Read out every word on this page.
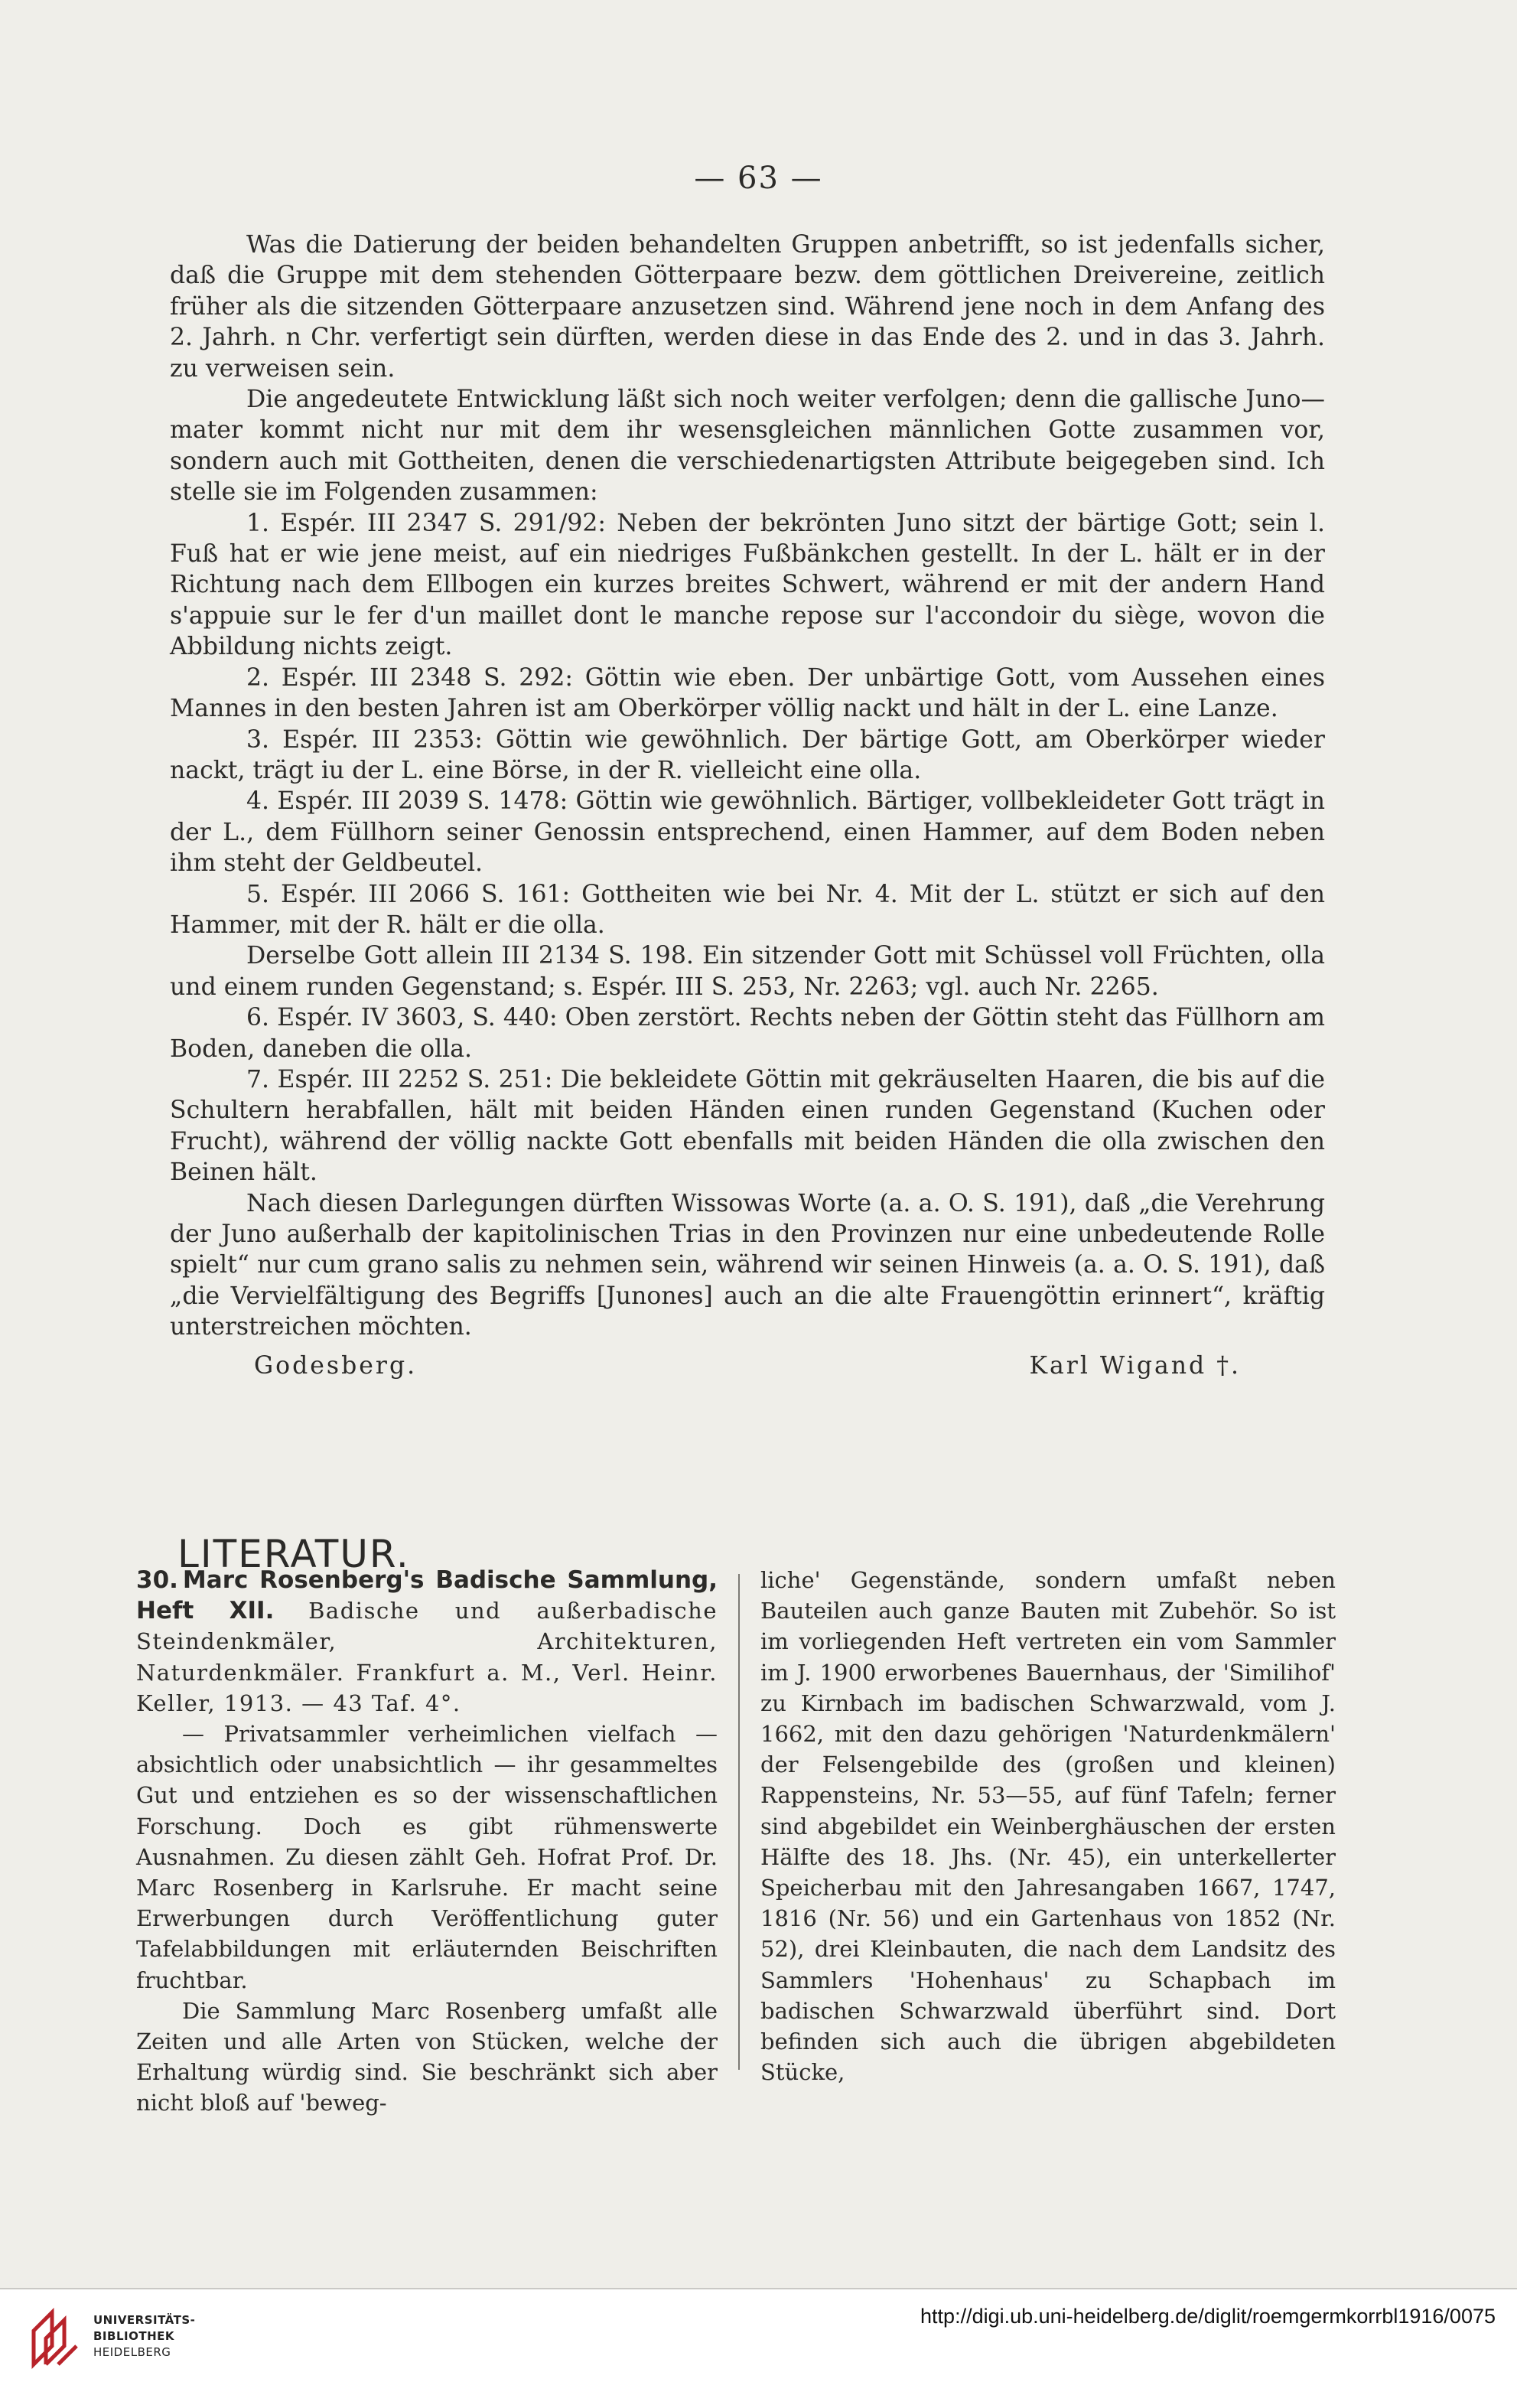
— 63 —

Was die Datierung der beiden behandelten Gruppen anbetrifft, so ist jedenfalls sicher, daß die Gruppe mit dem stehenden Götterpaare bezw. dem göttlichen Dreivereine, zeitlich früher als die sitzenden Götterpaare anzusetzen sind. Während jene noch in dem Anfang des 2. Jahrh. n Chr. verfertigt sein dürften, werden diese in das Ende des 2. und in das 3. Jahrh. zu verweisen sein.

Die angedeutete Entwicklung läßt sich noch weiter verfolgen; denn die gallische Juno—mater kommt nicht nur mit dem ihr wesensgleichen männlichen Gotte zusammen vor, sondern auch mit Gottheiten, denen die verschiedenartigsten Attribute beigegeben sind. Ich stelle sie im Folgenden zusammen:

1. Espér. III 2347 S. 291/92: Neben der bekrönten Juno sitzt der bärtige Gott; sein l. Fuß hat er wie jene meist, auf ein niedriges Fußbänkchen gestellt. In der L. hält er in der Richtung nach dem Ellbogen ein kurzes breites Schwert, während er mit der andern Hand s'appuie sur le fer d'un maillet dont le manche repose sur l'accondoir du siège, wovon die Abbildung nichts zeigt.

2. Espér. III 2348 S. 292: Göttin wie eben. Der unbärtige Gott, vom Aussehen eines Mannes in den besten Jahren ist am Oberkörper völlig nackt und hält in der L. eine Lanze.

3. Espér. III 2353: Göttin wie gewöhnlich. Der bärtige Gott, am Oberkörper wieder nackt, trägt iu der L. eine Börse, in der R. vielleicht eine olla.

4. Espér. III 2039 S. 1478: Göttin wie gewöhnlich. Bärtiger, vollbekleideter Gott trägt in der L., dem Füllhorn seiner Genossin entsprechend, einen Hammer, auf dem Boden neben ihm steht der Geldbeutel.

5. Espér. III 2066 S. 161: Gottheiten wie bei Nr. 4. Mit der L. stützt er sich auf den Hammer, mit der R. hält er die olla.

Derselbe Gott allein III 2134 S. 198. Ein sitzender Gott mit Schüssel voll Früchten, olla und einem runden Gegenstand; s. Espér. III S. 253, Nr. 2263; vgl. auch Nr. 2265.

6. Espér. IV 3603, S. 440: Oben zerstört. Rechts neben der Göttin steht das Füllhorn am Boden, daneben die olla.

7. Espér. III 2252 S. 251: Die bekleidete Göttin mit gekräuselten Haaren, die bis auf die Schultern herabfallen, hält mit beiden Händen einen runden Gegenstand (Kuchen oder Frucht), während der völlig nackte Gott ebenfalls mit beiden Händen die olla zwischen den Beinen hält.

Nach diesen Darlegungen dürften Wissowas Worte (a. a. O. S. 191), daß „die Verehrung der Juno außerhalb der kapitolinischen Trias in den Provinzen nur eine unbedeutende Rolle spielt“ nur cum grano salis zu nehmen sein, während wir seinen Hinweis (a. a. O. S. 191), daß „die Vervielfältigung des Begriffs [Junones] auch an die alte Frauengöttin erinnert“, kräftig unterstreichen möchten.

Godesberg.	Karl Wigand †.
LITERATUR.

30. Marc Rosenberg's Badische Sammlung, Heft XII. Badische und außerbadische Steindenkmäler, Architekturen, Naturdenkmäler. Frankfurt a. M., Verl. Heinr. Keller, 1913. — 43 Taf. 4°.

— Privatsammler verheimlichen vielfach — absichtlich oder unabsichtlich — ihr gesammeltes Gut und entziehen es so der wissenschaftlichen Forschung. Doch es gibt rühmenswerte Ausnahmen. Zu diesen zählt Geh. Hofrat Prof. Dr. Marc Rosenberg in Karlsruhe. Er macht seine Erwerbungen durch Veröffentlichung guter Tafelabbildungen mit erläuternden Beischriften fruchtbar.

Die Sammlung Marc Rosenberg umfaßt alle Zeiten und alle Arten von Stücken, welche der Erhaltung würdig sind. Sie beschränkt sich aber nicht bloß auf 'beweg-

liche' Gegenstände, sondern umfaßt neben Bauteilen auch ganze Bauten mit Zubehör. So ist im vorliegenden Heft vertreten ein vom Sammler im J. 1900 erworbenes Bauernhaus, der 'Similihof' zu Kirnbach im badischen Schwarzwald, vom J. 1662, mit den dazu gehörigen 'Naturdenkmälern' der Felsengebilde des (großen und kleinen) Rappensteins, Nr. 53—55, auf fünf Tafeln; ferner sind abgebildet ein Weinberghäuschen der ersten Hälfte des 18. Jhs. (Nr. 45), ein unterkellerter Speicherbau mit den Jahresangaben 1667, 1747, 1816 (Nr. 56) und ein Gartenhaus von 1852 (Nr. 52), drei Kleinbauten, die nach dem Landsitz des Sammlers 'Hohenhaus' zu Schapbach im badischen Schwarzwald überführt sind. Dort befinden sich auch die übrigen abgebildeten Stücke,

UNIVERSITÄTS-
BIBLIOTHEK
HEIDELBERG
http://digi.ub.uni-heidelberg.de/diglit/roemgermkorrbl1916/0075
